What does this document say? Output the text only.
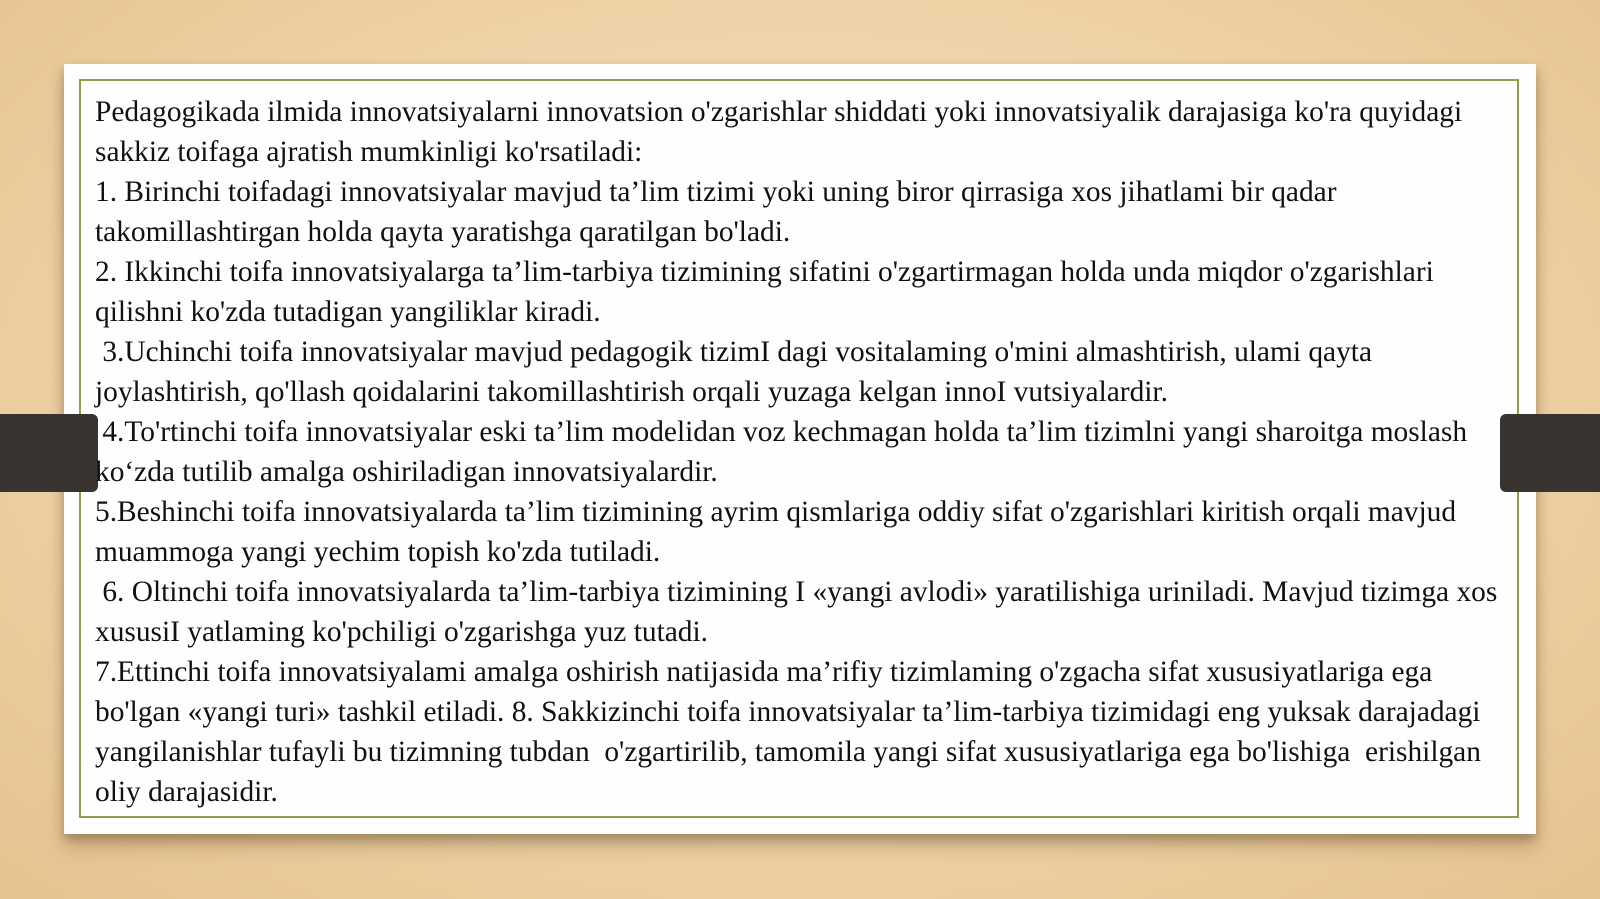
Pedagogikada ilmida innovatsiyalarni innovatsion o'zgarishlar shiddati yoki innovatsiyalik darajasiga ko'ra quyidagi sakkiz toifaga ajratish mumkinligi ko'rsatiladi:

1. Birinchi toifadagi innovatsiyalar mavjud ta’lim tizimi yoki uning biror qirrasiga xos jihatlami bir qadar takomillashtirgan holda qayta yaratishga qaratilgan bo'ladi.

2. Ikkinchi toifa innovatsiyalarga ta’lim-tarbiya tizimining sifatini o'zgartirmagan holda unda miqdor o'zgarishlari qilishni ko'zda tutadigan yangiliklar kiradi.

3.Uchinchi toifa innovatsiyalar mavjud pedagogik tizimI dagi vositalaming o'mini almashtirish, ulami qayta joylashtirish, qo'llash qoidalarini takomillashtirish orqali yuzaga kelgan innoI vutsiyalardir.

4.To'rtinchi toifa innovatsiyalar eski ta’lim modelidan voz kechmagan holda ta’lim tizimlni yangi sharoitga moslash ko‘zda tutilib amalga oshiriladigan innovatsiyalardir.

5.Beshinchi toifa innovatsiyalarda ta’lim tizimining ayrim qismlariga oddiy sifat o'zgarishlari kiritish orqali mavjud muammoga yangi yechim topish ko'zda tutiladi.

6. Oltinchi toifa innovatsiyalarda ta’lim-tarbiya tizimining I «yangi avlodi» yaratilishiga uriniladi. Mavjud tizimga xos xususiI yatlaming ko'pchiligi o'zgarishga yuz tutadi.

7.Ettinchi toifa innovatsiyalami amalga oshirish natijasida ma’rifiy tizimlaming o'zgacha sifat xususiyatlariga ega bo'lgan «yangi turi» tashkil etiladi. 8. Sakkizinchi toifa innovatsiyalar ta’lim-tarbiya tizimidagi eng yuksak darajadagi yangilanishlar tufayli bu tizimning tubdan  o'zgartirilib, tamomila yangi sifat xususiyatlariga ega bo'lishiga  erishilgan oliy darajasidir.
